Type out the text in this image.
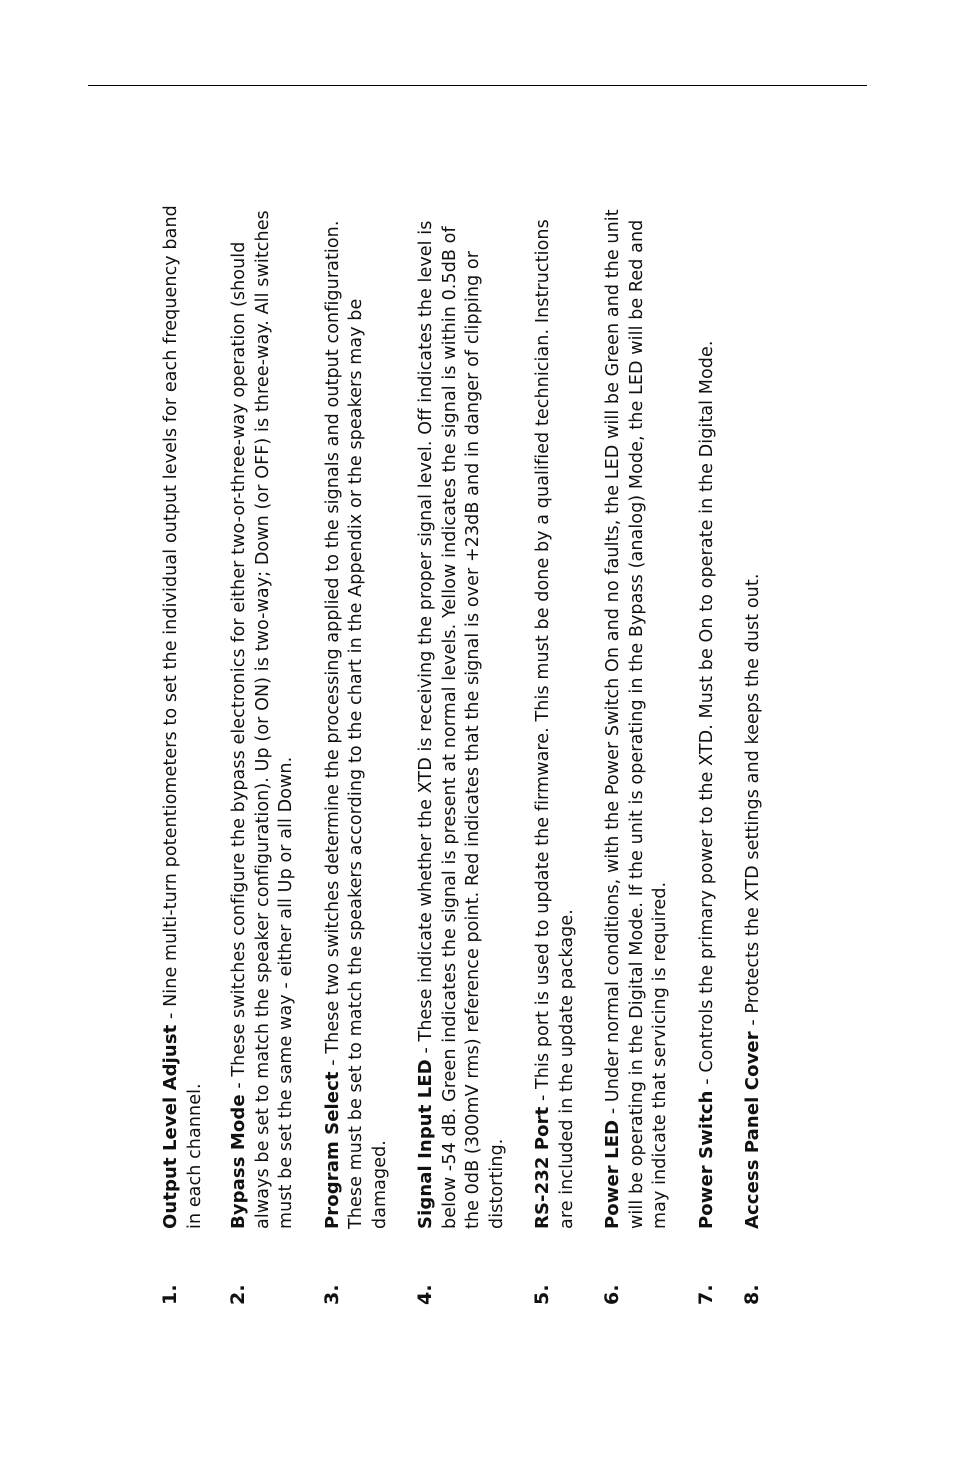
1.
Output Level Adjust - Nine multi-turn potentiometers to set the individual output levels for each frequency band in each channel.
2.
Bypass Mode - These switches configure the bypass electronics for either two-or-three-way operation (should always be set to match the speaker configuration). Up (or ON) is two-way; Down (or OFF) is three-way. All switches must be set the same way - either all Up or all Down.
3.
Program Select - These two switches determine the processing applied to the signals and output configuration. These must be set to match the speakers according to the chart in the Appendix or the speakers may be damaged.
4.
Signal Input LED - These indicate whether the XTD is receiving the proper signal level. Off indicates the level is below -54 dB. Green indicates the signal is present at normal levels. Yellow indicates the signal is within 0.5dB of the 0dB (300mV rms) reference point. Red indicates that the signal is over +23dB and in danger of clipping or distorting.
5.
RS-232 Port - This port is used to update the firmware. This must be done by a qualified technician. Instructions are included in the update package.
6.
Power LED - Under normal conditions, with the Power Switch On and no faults, the LED will be Green and the unit will be operating in the Digital Mode. If the unit is operating in the Bypass (analog) Mode, the LED will be Red and may indicate that servicing is required.
7.
Power Switch - Controls the primary power to the XTD. Must be On to operate in the Digital Mode.
8.
Access Panel Cover - Protects the XTD settings and keeps the dust out.
